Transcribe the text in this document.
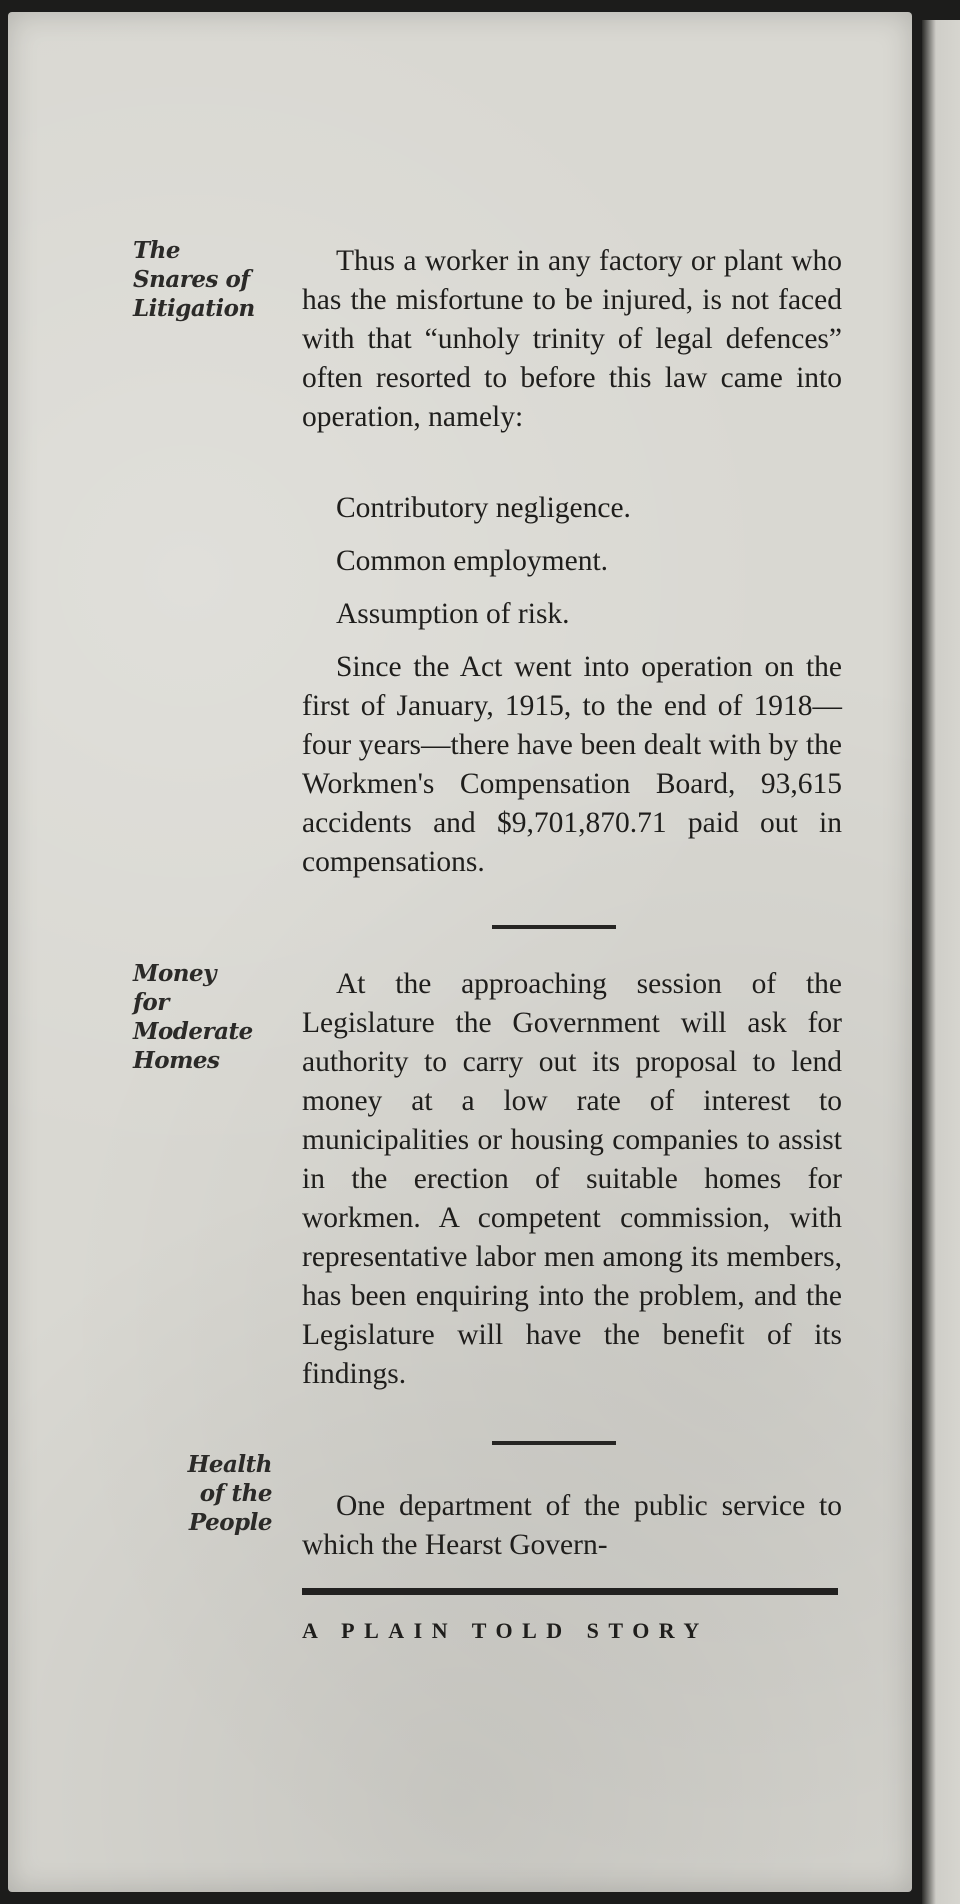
The
Snares of
Litigation

Thus a worker in any factory or plant who has the misfortune to be injured, is not faced with that “unholy trinity of legal defences” often resorted to before this law came into operation, namely:

Contributory negligence.

Common employment.

Assumption of risk.

Since the Act went into operation on the first of January, 1915, to the end of 1918—four years—there have been dealt with by the Workmen's Compensation Board, 93,615 accidents and $9,701,870.71 paid out in compensations.

Money
for
Moderate
Homes

At the approaching session of the Legislature the Government will ask for authority to carry out its proposal to lend money at a low rate of interest to municipalities or housing companies to assist in the erection of suitable homes for workmen. A competent commission, with representative labor men among its members, has been enquiring into the problem, and the Legislature will have the benefit of its findings.

Health
of the
People

One department of the public service to which the Hearst Govern-

A PLAIN TOLD STORY
